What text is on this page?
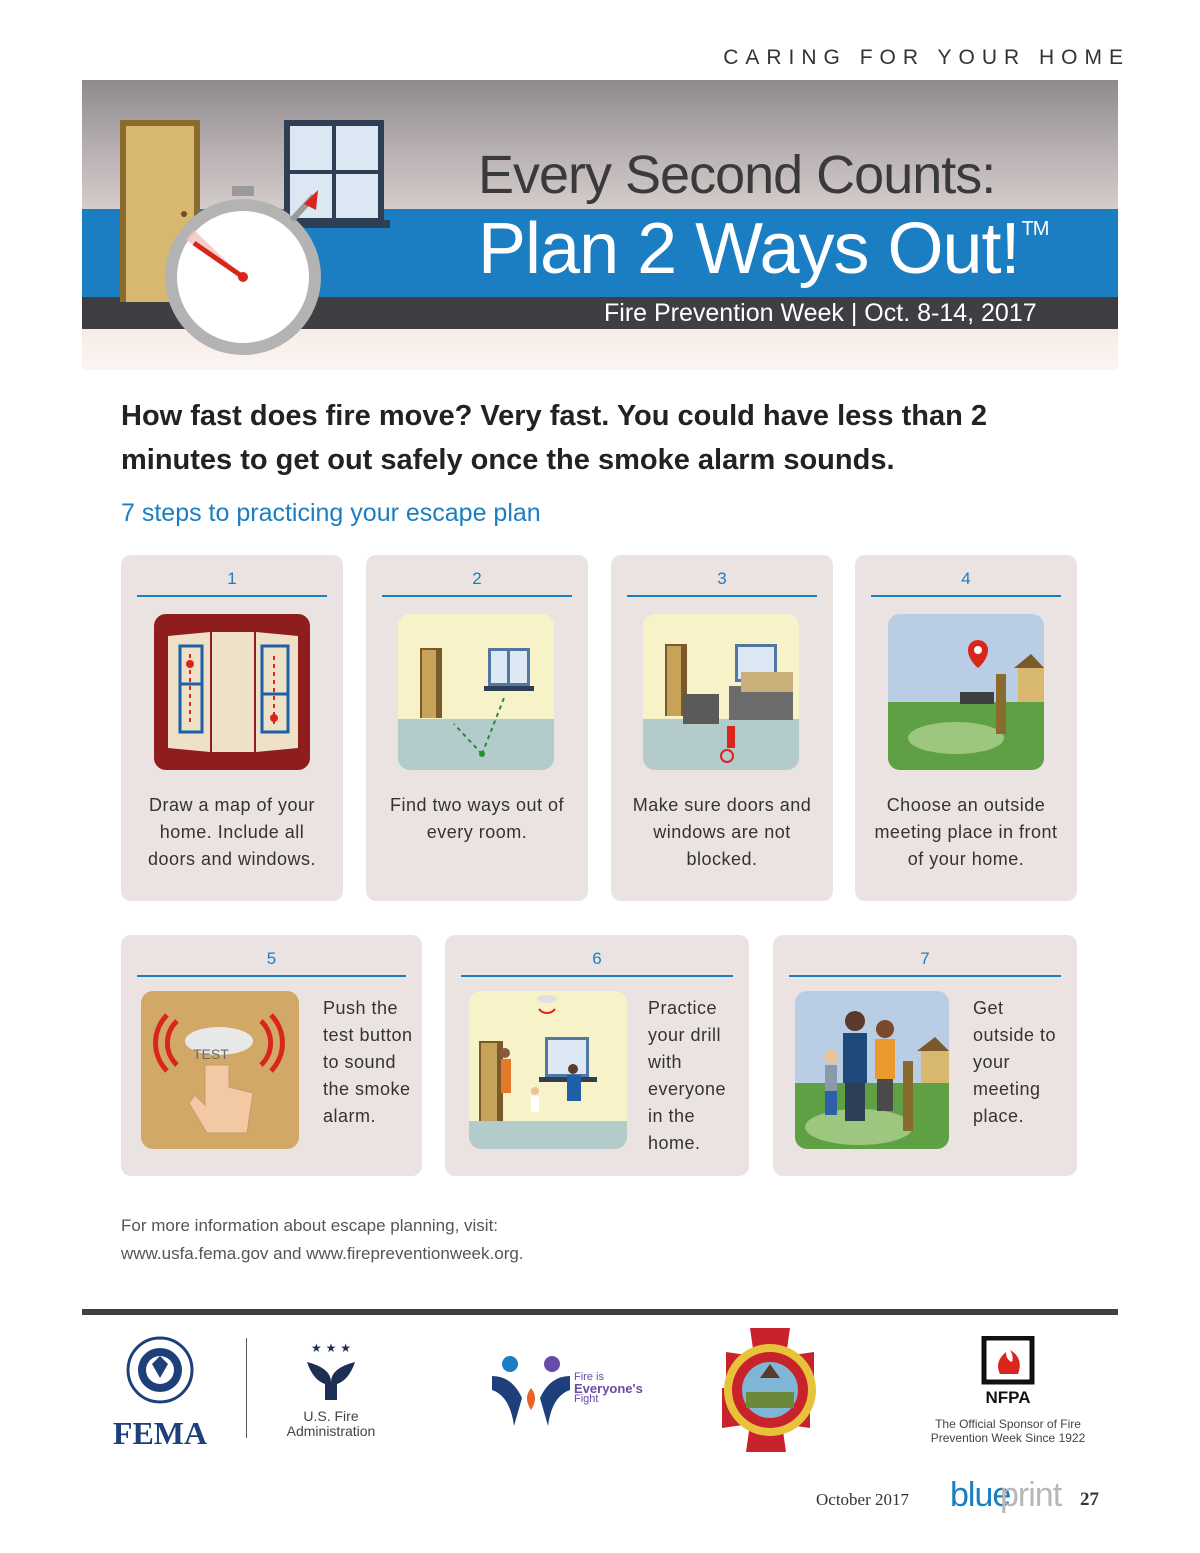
CARING FOR YOUR HOME
Every Second Counts:
Plan 2 Ways Out! ™
Fire Prevention Week | Oct. 8-14, 2017
How fast does fire move? Very fast. You could have less than 2 minutes to get out safely once the smoke alarm sounds.
7 steps to practicing your escape plan
1
Draw a map of your home. Include all doors and windows.
2
Find two ways out of every room.
3
Make sure doors and windows are not blocked.
4
Choose an outside meeting place in front of your home.
5
TEST
Push the test button to sound the smoke alarm.
6
Practice your drill with everyone in the home.
7
Get outside to your meeting place.
For more information about escape planning, visit:
www.usfa.fema.gov and www.firepreventionweek.org.
FEMA
★ ★ ★
U.S. Fire
Administration
Fire is
Everyone's
Fight	NFPA
The Official Sponsor of Fire
Prevention Week Since 1922
October 2017 blue
print 27
